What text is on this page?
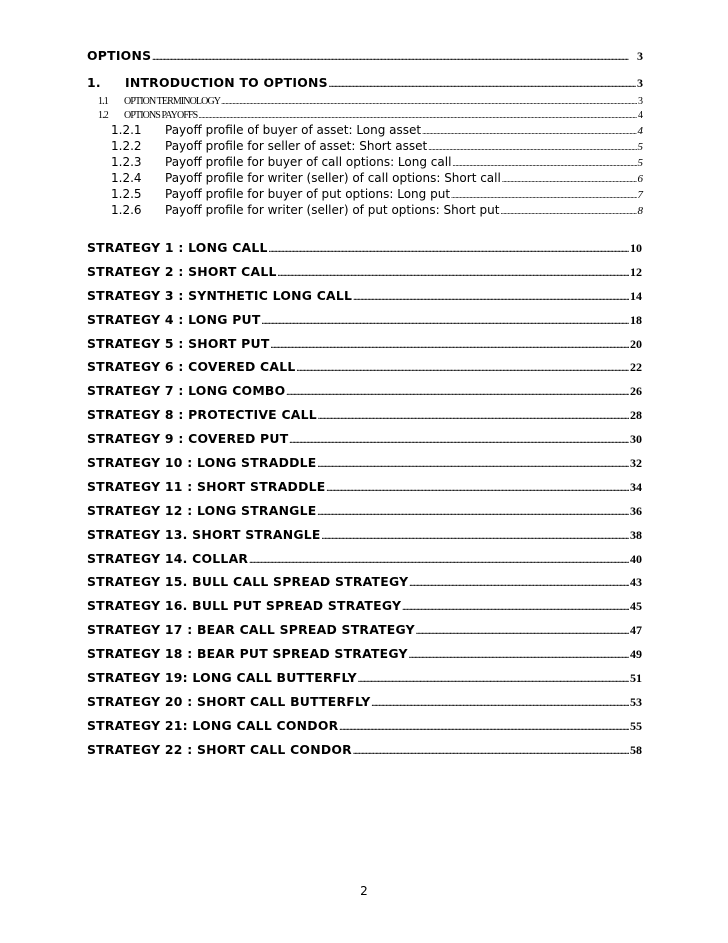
OPTIONS .....	3
1. INTRODUCTION TO OPTIONS .....	3
1.1 OPTION TERMINOLOGY .....	3
1.2 OPTIONS PAYOFFS .....	4
1.2.1 Payoff profile of buyer of asset: Long asset .....	4
1.2.2 Payoff profile for seller of asset: Short asset .....	5
1.2.3 Payoff profile for buyer of call options: Long call .....	5
1.2.4 Payoff profile for writer (seller) of call options: Short call .....	6
1.2.5 Payoff profile for buyer of put options: Long put .....	7
1.2.6 Payoff profile for writer (seller) of put options: Short put .....	8
STRATEGY 1 : LONG CALL .....	10
STRATEGY 2 : SHORT CALL .....	12
STRATEGY 3 : SYNTHETIC LONG CALL .....	14
STRATEGY 4 : LONG PUT .....	18
STRATEGY 5 : SHORT PUT .....	20
STRATEGY 6 : COVERED CALL .....	22
STRATEGY 7 : LONG COMBO .....	26
STRATEGY 8 : PROTECTIVE CALL .....	28
STRATEGY 9 : COVERED PUT .....	30
STRATEGY 10 : LONG STRADDLE .....	32
STRATEGY 11 : SHORT STRADDLE .....	34
STRATEGY 12 : LONG STRANGLE .....	36
STRATEGY 13. SHORT STRANGLE .....	38
STRATEGY 14. COLLAR .....	40
STRATEGY 15. BULL CALL SPREAD STRATEGY .....	43
STRATEGY 16. BULL PUT SPREAD STRATEGY .....	45
STRATEGY 17 : BEAR CALL SPREAD STRATEGY .....	47
STRATEGY 18 : BEAR PUT SPREAD STRATEGY .....	49
STRATEGY 19: LONG CALL BUTTERFLY .....	51
STRATEGY 20 : SHORT CALL BUTTERFLY .....	53
STRATEGY 21: LONG CALL CONDOR .....	55
STRATEGY 22 : SHORT CALL CONDOR .....	58
2
